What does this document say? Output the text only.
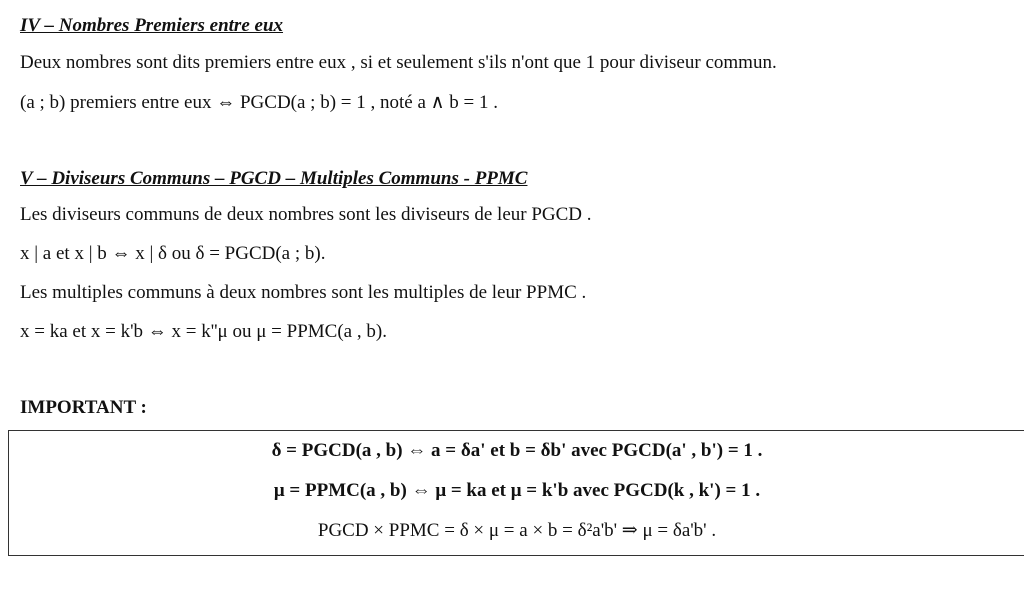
IV – Nombres Premiers entre eux
Deux nombres sont dits premiers entre eux , si et seulement s'ils n'ont que 1 pour diviseur commun.
(a ; b) premiers entre eux ⇔ PGCD(a ; b) = 1 , noté a ∧ b = 1 .
V – Diviseurs Communs – PGCD – Multiples Communs - PPMC
Les diviseurs communs de deux nombres sont les diviseurs de leur PGCD .
x | a et x | b ⇔ x | δ ou δ = PGCD(a ; b).
Les multiples communs à deux nombres sont les multiples de leur PPMC .
x = ka et x = k'b ⇔ x = k''μ ou μ = PPMC(a , b).
IMPORTANT :
δ = PGCD(a , b) ⇔ a = δa' et b = δb' avec PGCD(a' , b') = 1 .
μ = PPMC(a , b) ⇔ μ = ka et μ = k'b avec PGCD(k , k') = 1 .
PGCD × PPMC = δ × μ = a × b = δ²a'b' ⇒ μ = δa'b' .
